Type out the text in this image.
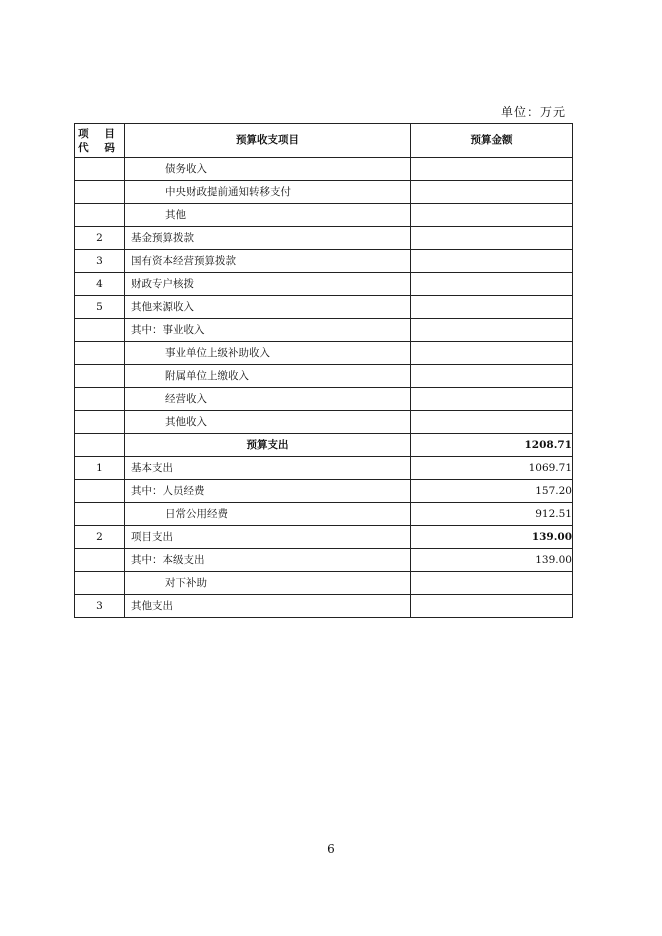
单位：万元
项 目
代 码	预算收支项目	预算金额
	债务收入	
	中央财政提前通知转移支付	
	其他	
2	基金预算拨款	
3	国有资本经营预算拨款	
4	财政专户核拨	
5	其他来源收入	
	其中：事业收入	
	事业单位上级补助收入	
	附属单位上缴收入	
	经营收入	
	其他收入	
	预算支出	1208.71
1	基本支出	1069.71
	其中：人员经费	157.20
	日常公用经费	912.51
2	项目支出	139.00
	其中：本级支出	139.00
	对下补助	
3	其他支出	
6
